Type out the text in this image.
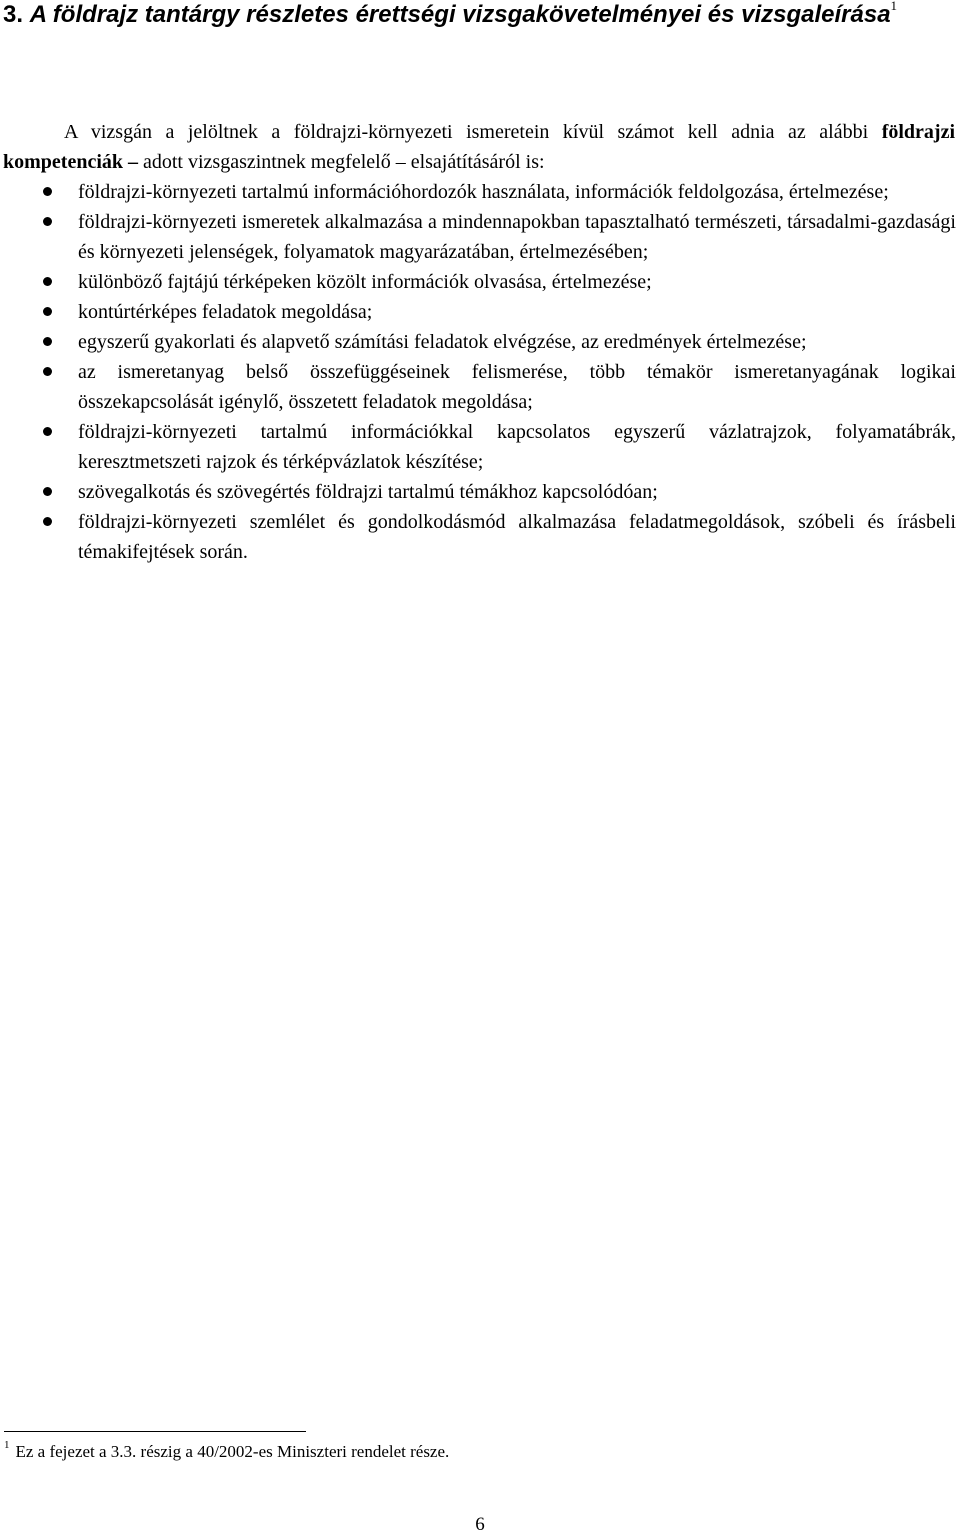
3. A földrajz tantárgy részletes érettségi vizsgakövetelményei és vizsgaleírása$^1$

A vizsgán a jelöltnek a földrajzi-környezeti ismeretein kívül számot kell adnia az alábbi földrajzi kompetenciák – adott vizsgaszintnek megfelelő – elsajátításáról is:

földrajzi-környezeti tartalmú információhordozók használata, információk feldolgozása, értelmezése;
földrajzi-környezeti ismeretek alkalmazása a mindennapokban tapasztalható természeti, társadalmi-gazdasági és környezeti jelenségek, folyamatok magyarázatában, értelmezésében;
különböző fajtájú térképeken közölt információk olvasása, értelmezése;
kontúrtérképes feladatok megoldása;
egyszerű gyakorlati és alapvető számítási feladatok elvégzése, az eredmények értelmezése;
az ismeretanyag belső összefüggéseinek felismerése, több témakör ismeretanyagának logikai összekapcsolását igénylő, összetett feladatok megoldása;
földrajzi-környezeti tartalmú információkkal kapcsolatos egyszerű vázlatrajzok, folyamatábrák, keresztmetszeti rajzok és térképvázlatok készítése;
szövegalkotás és szövegértés földrajzi tartalmú témákhoz kapcsolódóan;
földrajzi-környezeti szemlélet és gondolkodásmód alkalmazása feladatmegoldások, szóbeli és írásbeli témakifejtések során.
$^1$ Ez a fejezet a 3.3. részig a 40/2002-es Miniszteri rendelet része.
6
